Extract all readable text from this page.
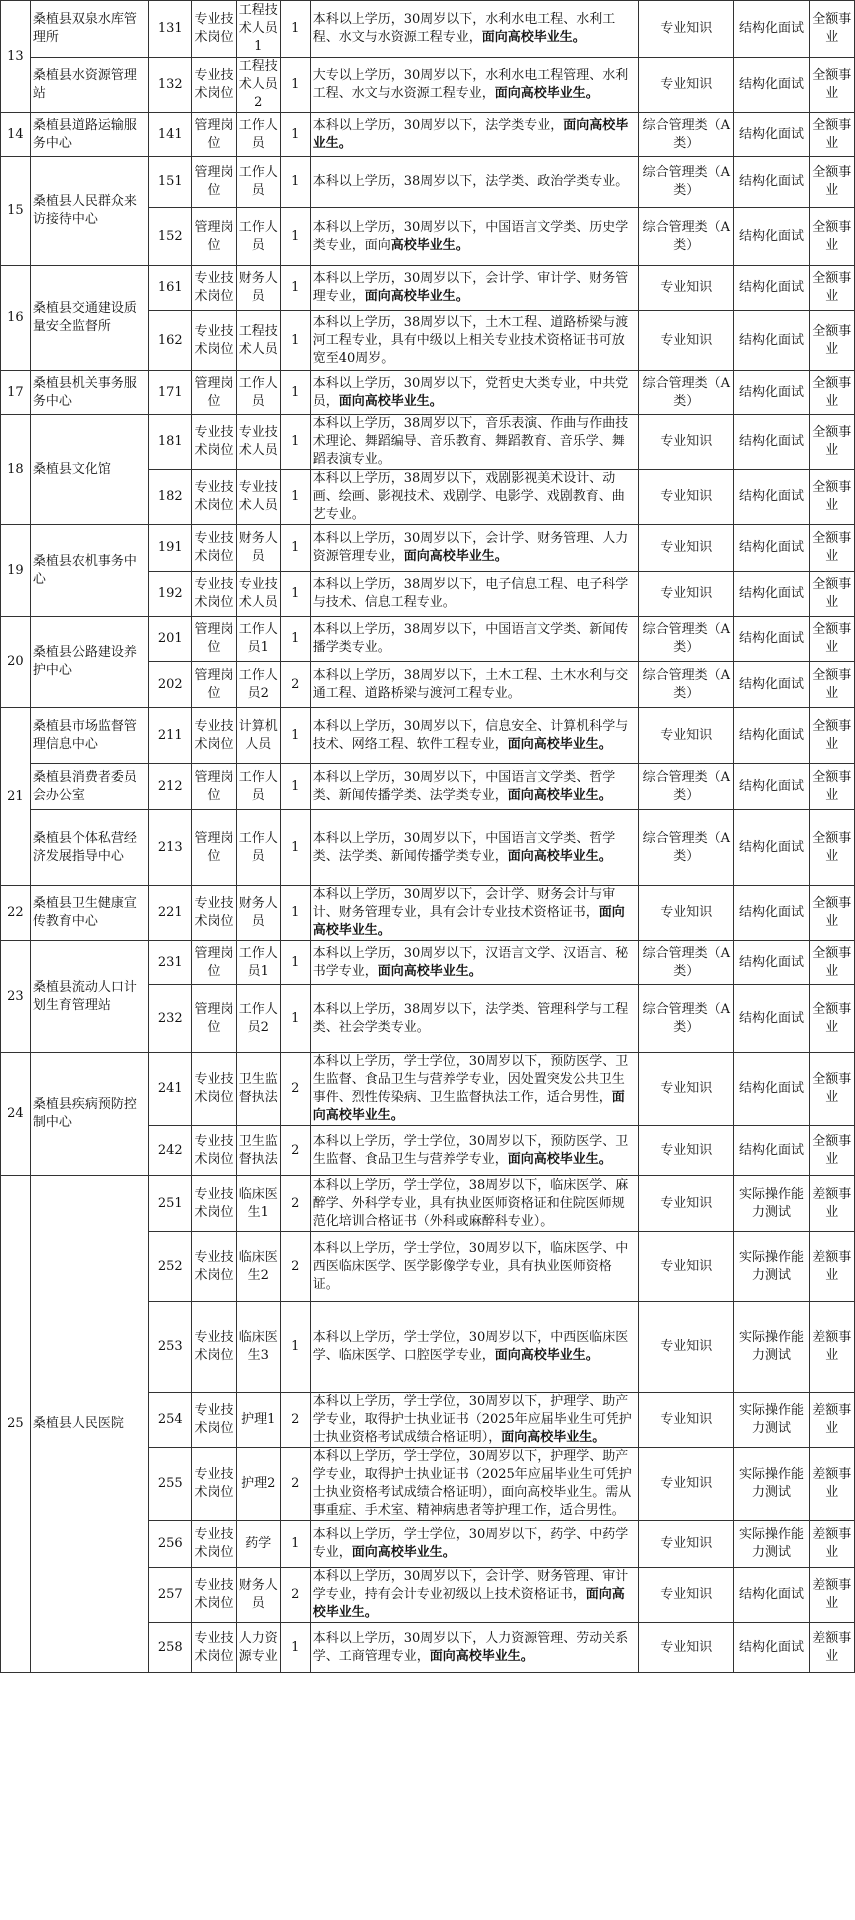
13	桑植县双泉水库管理所	131	专业技术岗位	工程技术人员1	1	本科以上学历，30周岁以下，水利水电工程、水利工程、水文与水资源工程专业，面向高校毕业生。	专业知识	结构化面试	全额事业
	桑植县水资源管理站	132	专业技术岗位	工程技术人员2	1	大专以上学历，30周岁以下，水利水电工程管理、水利工程、水文与水资源工程专业，面向高校毕业生。	专业知识	结构化面试	全额事业
14	桑植县道路运输服务中心	141	管理岗位	工作人员	1	本科以上学历，30周岁以下，法学类专业，面向高校毕业生。	综合管理类（A 类）	结构化面试	全额事业
15	桑植县人民群众来访接待中心	151	管理岗位	工作人员	1	本科以上学历，38周岁以下，法学类、政治学类专业。	综合管理类（A 类）	结构化面试	全额事业
		152	管理岗位	工作人员	1	本科以上学历，30周岁以下，中国语言文学类、历史学类专业，面向高校毕业生。	综合管理类（A 类）	结构化面试	全额事业
16	桑植县交通建设质量安全监督所	161	专业技术岗位	财务人员	1	本科以上学历，30周岁以下，会计学、审计学、财务管理专业，面向高校毕业生。	专业知识	结构化面试	全额事业
		162	专业技术岗位	工程技术人员	1	本科以上学历，38周岁以下，土木工程、道路桥梁与渡河工程专业，具有中级以上相关专业技术资格证书可放宽至40周岁。	专业知识	结构化面试	全额事业
17	桑植县机关事务服务中心	171	管理岗位	工作人员	1	本科以上学历，30周岁以下，党哲史大类专业，中共党员，面向高校毕业生。	综合管理类（A 类）	结构化面试	全额事业
18	桑植县文化馆	181	专业技术岗位	专业技术人员	1	本科以上学历，38周岁以下，音乐表演、作曲与作曲技术理论、舞蹈编导、音乐教育、舞蹈教育、音乐学、舞蹈表演专业。	专业知识	结构化面试	全额事业
		182	专业技术岗位	专业技术人员	1	本科以上学历，38周岁以下，戏剧影视美术设计、动画、绘画、影视技术、戏剧学、电影学、戏剧教育、曲艺专业。	专业知识	结构化面试	全额事业
19	桑植县农机事务中心	191	专业技术岗位	财务人员	1	本科以上学历，30周岁以下，会计学、财务管理、人力资源管理专业，面向高校毕业生。	专业知识	结构化面试	全额事业
		192	专业技术岗位	专业技术人员	1	本科以上学历，38周岁以下，电子信息工程、电子科学与技术、信息工程专业。	专业知识	结构化面试	全额事业
20	桑植县公路建设养护中心	201	管理岗位	工作人员1	1	本科以上学历，38周岁以下，中国语言文学类、新闻传播学类专业。	综合管理类（A 类）	结构化面试	全额事业
		202	管理岗位	工作人员2	2	本科以上学历，38周岁以下，土木工程、土木水利与交通工程、道路桥梁与渡河工程专业。	综合管理类（A 类）	结构化面试	全额事业
21	桑植县市场监督管理信息中心	211	专业技术岗位	计算机人员	1	本科以上学历，30周岁以下，信息安全、计算机科学与技术、网络工程、软件工程专业，面向高校毕业生。	专业知识	结构化面试	全额事业
	桑植县消费者委员会办公室	212	管理岗位	工作人员	1	本科以上学历，30周岁以下，中国语言文学类、哲学类、新闻传播学类、法学类专业，面向高校毕业生。	综合管理类（A 类）	结构化面试	全额事业
	桑植县个体私营经济发展指导中心	213	管理岗位	工作人员	1	本科以上学历，30周岁以下，中国语言文学类、哲学类、法学类、新闻传播学类专业，面向高校毕业生。	综合管理类（A 类）	结构化面试	全额事业
22	桑植县卫生健康宣传教育中心	221	专业技术岗位	财务人员	1	本科以上学历，30周岁以下，会计学、财务会计与审计、财务管理专业，具有会计专业技术资格证书，面向高校毕业生。	专业知识	结构化面试	全额事业
23	桑植县流动人口计划生育管理站	231	管理岗位	工作人员1	1	本科以上学历，30周岁以下，汉语言文学、汉语言、秘书学专业，面向高校毕业生。	综合管理类（A 类）	结构化面试	全额事业
		232	管理岗位	工作人员2	1	本科以上学历，38周岁以下，法学类、管理科学与工程类、社会学类专业。	综合管理类（A 类）	结构化面试	全额事业
24	桑植县疾病预防控制中心	241	专业技术岗位	卫生监督执法	2	本科以上学历，学士学位，30周岁以下，预防医学、卫生监督、食品卫生与营养学专业，因处置突发公共卫生事件、烈性传染病、卫生监督执法工作，适合男性，面向高校毕业生。	专业知识	结构化面试	全额事业
		242	专业技术岗位	卫生监督执法	2	本科以上学历，学士学位，30周岁以下，预防医学、卫生监督、食品卫生与营养学专业，面向高校毕业生。	专业知识	结构化面试	全额事业
25	桑植县人民医院	251	专业技术岗位	临床医生1	2	本科以上学历，学士学位，38周岁以下，临床医学、麻醉学、外科学专业，具有执业医师资格证和住院医师规范化培训合格证书（外科或麻醉科专业）。	专业知识	实际操作能力测试	差额事业
		252	专业技术岗位	临床医生2	2	本科以上学历，学士学位，30周岁以下，临床医学、中西医临床医学、医学影像学专业，具有执业医师资格证。	专业知识	实际操作能力测试	差额事业
		253	专业技术岗位	临床医生3	1	本科以上学历，学士学位，30周岁以下，中西医临床医学、临床医学、口腔医学专业，面向高校毕业生。	专业知识	实际操作能力测试	差额事业
		254	专业技术岗位	护理1	2	本科以上学历，学士学位，30周岁以下，护理学、助产学专业，取得护士执业证书（2025年应届毕业生可凭护士执业资格考试成绩合格证明），面向高校毕业生。	专业知识	实际操作能力测试	差额事业
		255	专业技术岗位	护理2	2	本科以上学历，学士学位，30周岁以下，护理学、助产学专业，取得护士执业证书（2025年应届毕业生可凭护士执业资格考试成绩合格证明），面向高校毕业生。需从事重症、手术室、精神病患者等护理工作，适合男性。	专业知识	实际操作能力测试	差额事业
		256	专业技术岗位	药学	1	本科以上学历，学士学位，30周岁以下，药学、中药学专业，面向高校毕业生。	专业知识	实际操作能力测试	差额事业
		257	专业技术岗位	财务人员	2	本科以上学历，30周岁以下，会计学、财务管理、审计学专业，持有会计专业初级以上技术资格证书，面向高校毕业生。	专业知识	结构化面试	差额事业
		258	专业技术岗位	人力资源专业	1	本科以上学历，30周岁以下，人力资源管理、劳动关系学、工商管理专业，面向高校毕业生。	专业知识	结构化面试	差额事业
